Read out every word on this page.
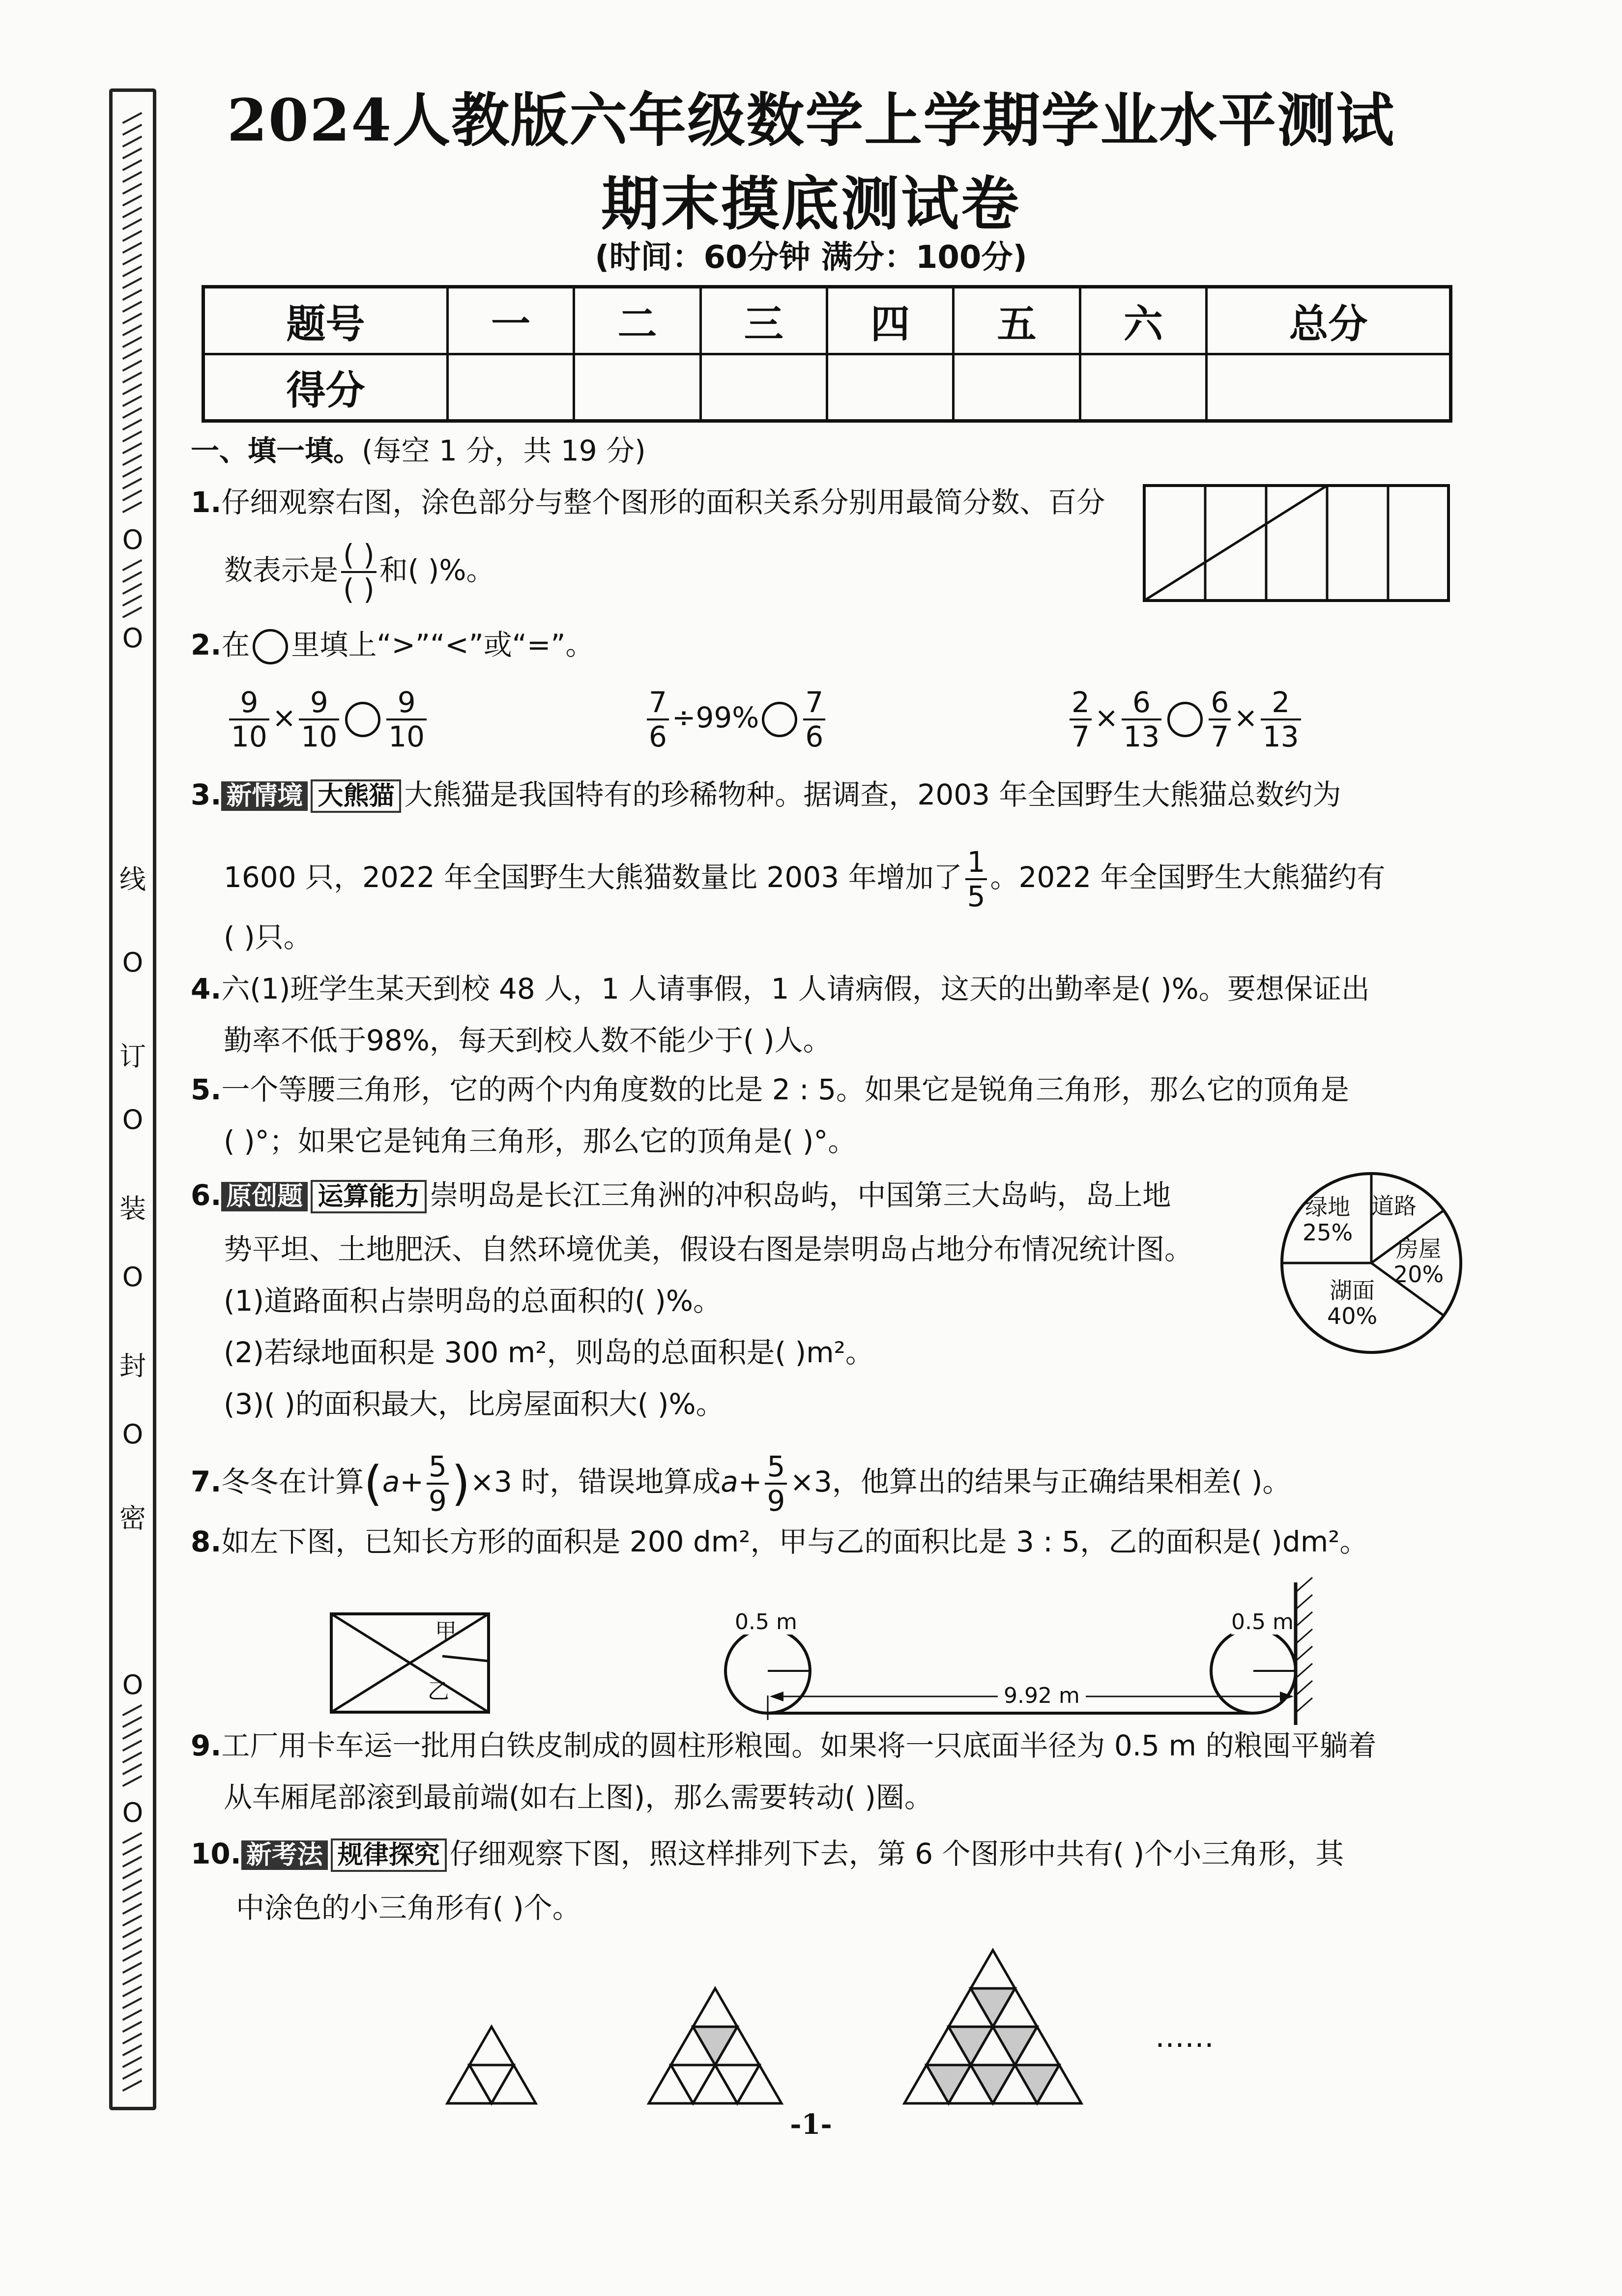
2024人教版六年级数学上学期学业水平测试
期末摸底测试卷
(时间：60分钟 满分：100分)
O
O
线
O
订
O
装
O
封
O
密
O
O
题号	一	二	三	四	五	六	总分
得分							
一、填一填。(每空 1 分，共 19 分)
1.仔细观察右图，涂色部分与整个图形的面积关系分别用最简分数、百分
数表示是 $\frac{( )}{( )}$ 和( )%。
2.在 里填上“>”“<”或“=”。
$\frac{9}{10} \times \frac{9}{10} \frac{9}{10}$	$\frac{7}{6} \div 99\% \frac{7}{6}$	$\frac{2}{7} \times \frac{6}{13} \frac{6}{7} \times \frac{2}{13}$
3. 新情境 大熊猫 大熊猫是我国特有的珍稀物种。据调查，2003 年全国野生大熊猫总数约为
1600 只，2022 年全国野生大熊猫数量比 2003 年增加了 $\frac{1}{5}$ 。2022 年全国野生大熊猫约有
( )只。
4.六(1)班学生某天到校 48 人，1 人请事假，1 人请病假，这天的出勤率是( )%。要想保证出
勤率不低于98%，每天到校人数不能少于( )人。
5.一个等腰三角形，它的两个内角度数的比是 2 : 5。如果它是锐角三角形，那么它的顶角是
( )°；如果它是钝角三角形，那么它的顶角是( )°。
6. 原创题 运算能力 崇明岛是长江三角洲的冲积岛屿，中国第三大岛屿，岛上地
势平坦、土地肥沃、自然环境优美，假设右图是崇明岛占地分布情况统计图。
(1)道路面积占崇明岛的总面积的( )%。
(2)若绿地面积是 300 m²，则岛的总面积是( )m²。
(3)( )的面积最大，比房屋面积大( )%。
绿地
25%
道路
房屋
20%
湖面
40%
7.冬冬在计算$(a+ \frac{5}{9} )\times 3$ 时，错误地算成$a+ \frac{5}{9} \times 3$，他算出的结果与正确结果相差( )。
8.如左下图，已知长方形的面积是 200 dm²，甲与乙的面积比是 3 : 5，乙的面积是( )dm²。
甲
乙
0.5 m	0.5 m
9.92 m
9.工厂用卡车运一批用白铁皮制成的圆柱形粮囤。如果将一只底面半径为 0.5 m 的粮囤平躺着
从车厢尾部滚到最前端(如右上图)，那么需要转动( )圈。
10. 新考法 规律探究 仔细观察下图，照这样排列下去，第 6 个图形中共有( )个小三角形，其
中涂色的小三角形有( )个。
……
-1-
